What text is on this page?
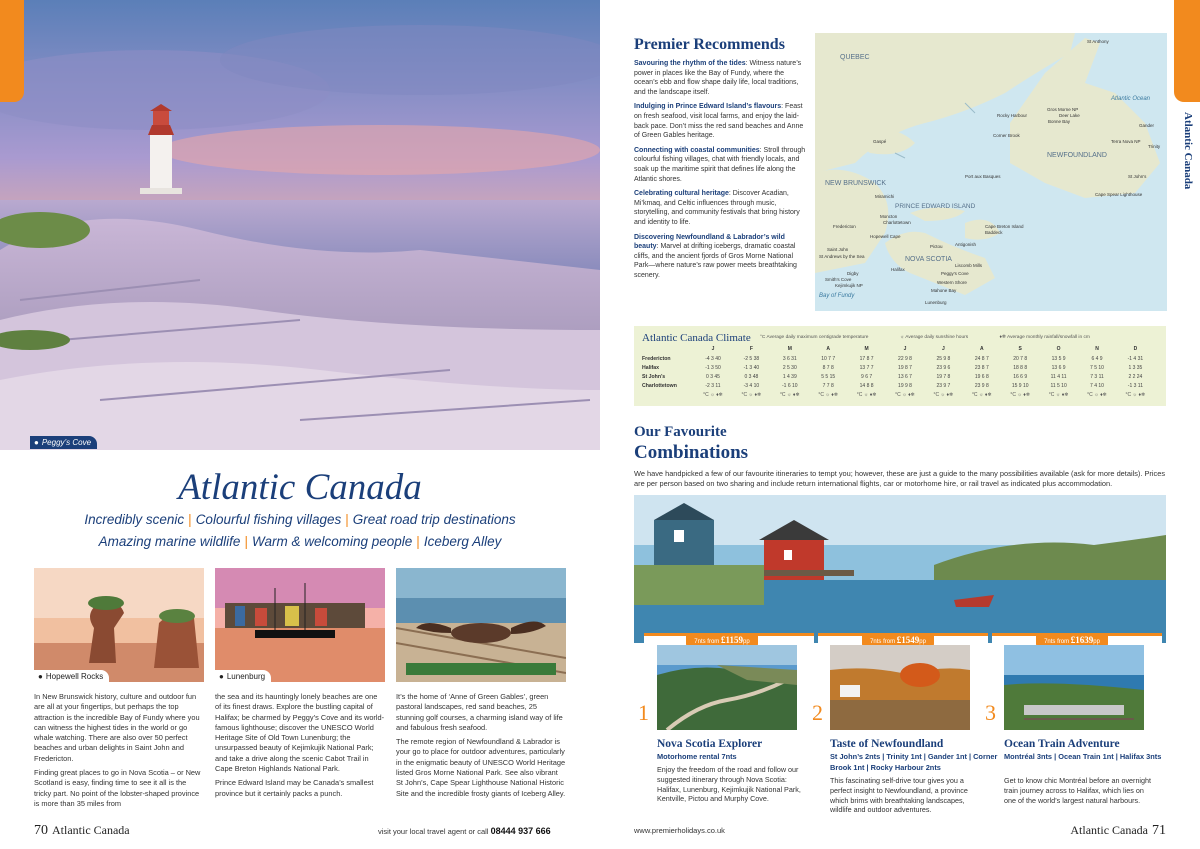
● Peggy’s Cove
Atlantic Canada
Incredibly scenic | Colourful fishing villages | Great road trip destinations
Amazing marine wildlife | Warm & welcoming people | Iceberg Alley
● Hopewell Rocks	● Lunenburg

In New Brunswick history, culture and outdoor fun are all at your fingertips, but perhaps the top attraction is the incredible Bay of Fundy where you can witness the highest tides in the world or go whale watching. There are also over 50 perfect beaches and urban delights in Saint John and Fredericton.

Finding great places to go in Nova Scotia – or New Scotland is easy, finding time to see it all is the tricky part. No point of the lobster-shaped province is more than 35 miles from

the sea and its hauntingly lonely beaches are one of its finest draws. Explore the bustling capital of Halifax; be charmed by Peggy’s Cove and its world-famous lighthouse; discover the UNESCO World Heritage Site of Old Town Lunenburg; the unsurpassed beauty of Kejimkujik National Park; and take a drive along the scenic Cabot Trail in Cape Breton Highlands National Park.

Prince Edward Island may be Canada’s smallest province but it certainly packs a punch.

It’s the home of ‘Anne of Green Gables’, green pastoral landscapes, red sand beaches, 25 stunning golf courses, a charming island way of life and fabulous fresh seafood.

The remote region of Newfoundland & Labrador is your go to place for outdoor adventures, particularly in the enigmatic beauty of UNESCO World Heritage listed Gros Morne National Park. See also vibrant St John’s, Cape Spear Lighthouse National Historic Site and the incredible frosty giants of Iceberg Alley.

70 Atlantic Canada	visit your local travel agent or call 08444 937 666
Premier Recommends

Savouring the rhythm of the tides: Witness nature’s power in places like the Bay of Fundy, where the ocean’s ebb and flow shape daily life, local traditions, and the landscape itself.

Indulging in Prince Edward Island’s flavours: Feast on fresh seafood, visit local farms, and enjoy the laid-back pace. Don’t miss the red sand beaches and Anne of Green Gables heritage.

Connecting with coastal communities: Stroll through colourful fishing villages, chat with friendly locals, and soak up the maritime spirit that defines life along the Atlantic shores.

Celebrating cultural heritage: Discover Acadian, Mi’kmaq, and Celtic influences through music, storytelling, and community festivals that bring history and identity to life.

Discovering Newfoundland & Labrador’s wild beauty: Marvel at drifting icebergs, dramatic coastal cliffs, and the ancient fjords of Gros Morne National Park—where nature’s raw power meets breathtaking scenery.

QUEBEC
NEW BRUNSWICK
PRINCE EDWARD ISLAND
NOVA SCOTIA
NEWFOUNDLAND
Atlantic Ocean
Bay of Fundy
St Anthony
Gros Morne NP
Deer Lake
Bonne Bay
Rocky Harbour
Gander
Corner Brook
Terra Nova NP
Trinity
St John’s
Cape Spear Lighthouse
Port aux Basques
Gaspé
Miramichi
Moncton
Charlottetown
Fredericton
Hopewell Cape
Saint John
St Andrews by the Sea
Cape Breton Island
Baddeck
Pictou	Antigonish
Digby
Smith’s Cove
Kejimkujik NP
Halifax
Liscomb Mills
Peggy’s Cove
Western Shore
Mahone Bay
Lunenburg
Atlantic Canada
Atlantic Canada Climate °C Average daily maximum centigrade temperature	☼ Average daily sunshine hours	♦❄ Average monthly rainfall/snowfall in cm
J	F	M	A	M	J	J	A	S	O	N	D
Fredericton	-4 3 40	-2 5 38	3 6 31	10 7 7	17 8 7	22 9 8	25 9 8	24 8 7	20 7 8	13 5 9	6 4 9	-1 4 31
Halifax	-1 3 50	-1 3 40	2 5 30	8 7 8	13 7 7	19 8 7	23 9 6	23 8 7	18 8 8	13 6 9	7 5 10	1 3 35
St John’s	0 3 45	0 3 48	1 4 39	5 5 15	9 6 7	13 6 7	19 7 8	19 6 8	16 6 9	11 4 11	7 3 11	2 2 24
Charlottetown	-2 3 11	-3 4 10	-1 6 10	7 7 8	14 8 8	19 9 8	23 9 7	23 9 8	15 9 10	11 5 10	7 4 10	-1 3 11
°C ☼ ♦❄	°C ☼ ♦❄	°C ☼ ♦❄	°C ☼ ♦❄	°C ☼ ♦❄	°C ☼ ♦❄	°C ☼ ♦❄	°C ☼ ♦❄	°C ☼ ♦❄	°C ☼ ♦❄	°C ☼ ♦❄	°C ☼ ♦❄
Our Favourite
Combinations
We have handpicked a few of our favourite itineraries to tempt you; however, these are just a guide to the many possibilities available (ask for more details). Prices are per person based on two sharing and include return international flights, car or motorhome hire, or rail travel as indicated plus accommodation.
7nts from £1159pp
1
Nova Scotia Explorer
Motorhome rental 7nts
Enjoy the freedom of the road and follow our suggested itinerary through Nova Scotia: Halifax, Lunenburg, Kejimkujik National Park, Kentville, Pictou and Murphy Cove.
7nts from £1549pp
2
Taste of Newfoundland
St John’s 2nts | Trinity 1nt | Gander 1nt | Corner Brook 1nt | Rocky Harbour 2nts
This fascinating self-drive tour gives you a perfect insight to Newfoundland, a province which brims with breathtaking landscapes, wildlife and outdoor adventures.
7nts from £1639pp
3
Ocean Train Adventure
Montréal 3nts | Ocean Train 1nt | Halifax 3nts
Get to know chic Montréal before an overnight train journey across to Halifax, which lies on one of the world’s largest natural harbours.
www.premierholidays.co.uk	Atlantic Canada 71
